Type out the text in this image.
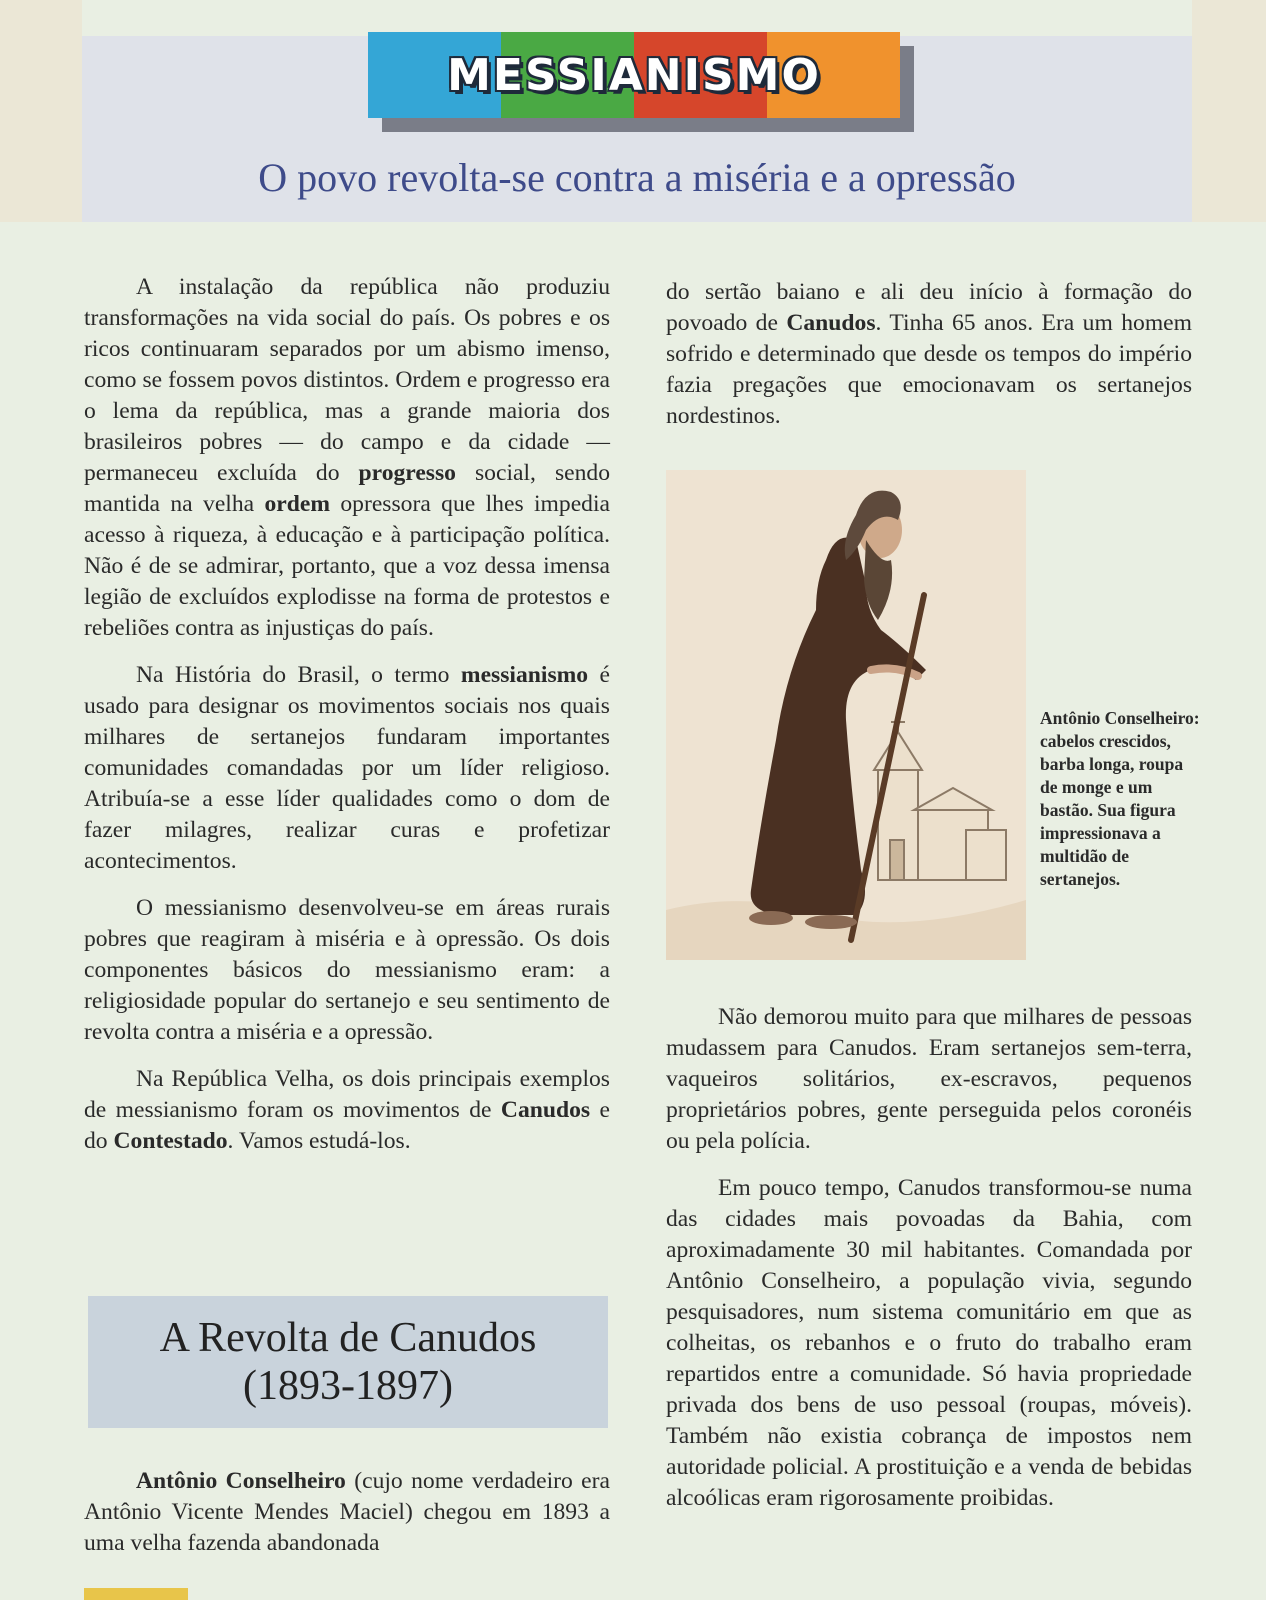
MESSIANISMO
O povo revolta-se contra a miséria e a opressão

A instalação da república não produziu transformações na vida social do país. Os pobres e os ricos continuaram separados por um abismo imenso, como se fossem povos distintos. Ordem e progresso era o lema da república, mas a grande maioria dos brasileiros pobres — do campo e da cidade — permaneceu excluída do progresso social, sendo mantida na velha ordem opressora que lhes impedia acesso à riqueza, à educação e à participação política. Não é de se admirar, portanto, que a voz dessa imensa legião de excluídos explodisse na forma de protestos e rebeliões contra as injustiças do país.

Na História do Brasil, o termo messianismo é usado para designar os movimentos sociais nos quais milhares de sertanejos fundaram importantes comunidades comandadas por um líder religioso. Atribuía-se a esse líder qualidades como o dom de fazer milagres, realizar curas e profetizar acontecimentos.

O messianismo desenvolveu-se em áreas rurais pobres que reagiram à miséria e à opressão. Os dois componentes básicos do messianismo eram: a religiosidade popular do sertanejo e seu sentimento de revolta contra a miséria e a opressão.

Na República Velha, os dois principais exemplos de messianismo foram os movimentos de Canudos e do Contestado. Vamos estudá-los.

A Revolta de Canudos
(1893-1897)

Antônio Conselheiro (cujo nome verdadeiro era Antônio Vicente Mendes Maciel) chegou em 1893 a uma velha fazenda abandonada

do sertão baiano e ali deu início à formação do povoado de Canudos. Tinha 65 anos. Era um homem sofrido e determinado que desde os tempos do império fazia pregações que emocionavam os sertanejos nordestinos.

Antônio Conselheiro: cabelos crescidos, barba longa, roupa de monge e um bastão. Sua figura impressionava a multidão de sertanejos.

Não demorou muito para que milhares de pessoas mudassem para Canudos. Eram sertanejos sem-terra, vaqueiros solitários, ex-escravos, pequenos proprietários pobres, gente perseguida pelos coronéis ou pela polícia.

Em pouco tempo, Canudos transformou-se numa das cidades mais povoadas da Bahia, com aproximadamente 30 mil habitantes. Comandada por Antônio Conselheiro, a população vivia, segundo pesquisadores, num sistema comunitário em que as colheitas, os rebanhos e o fruto do trabalho eram repartidos entre a comunidade. Só havia propriedade privada dos bens de uso pessoal (roupas, móveis). Também não existia cobrança de impostos nem autoridade policial. A prostituição e a venda de bebidas alcoólicas eram rigorosamente proibidas.
